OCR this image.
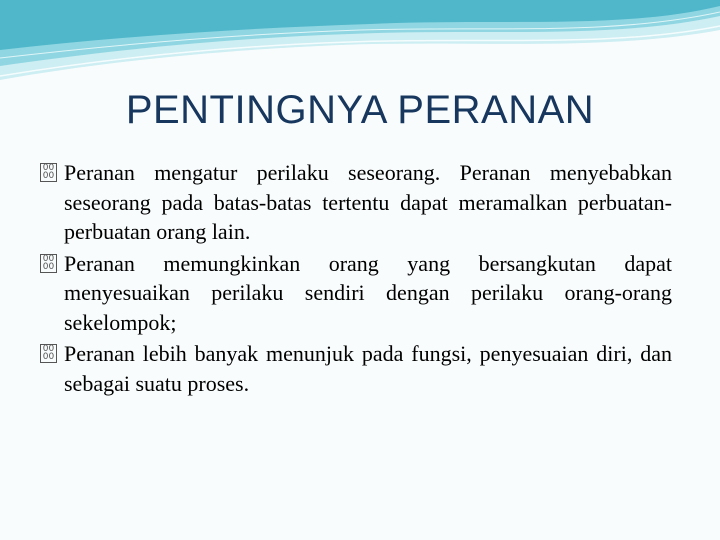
PENTINGNYA PERANAN
00
00 Peranan mengatur perilaku seseorang. Peranan menyebabkan seseorang pada batas-batas tertentu dapat meramalkan perbuatan-perbuatan orang lain.
00
00 Peranan memungkinkan orang yang bersangkutan dapat menyesuaikan perilaku sendiri dengan perilaku orang-orang sekelompok;
00
00 Peranan lebih banyak menunjuk pada fungsi, penyesuaian diri, dan sebagai suatu proses.
